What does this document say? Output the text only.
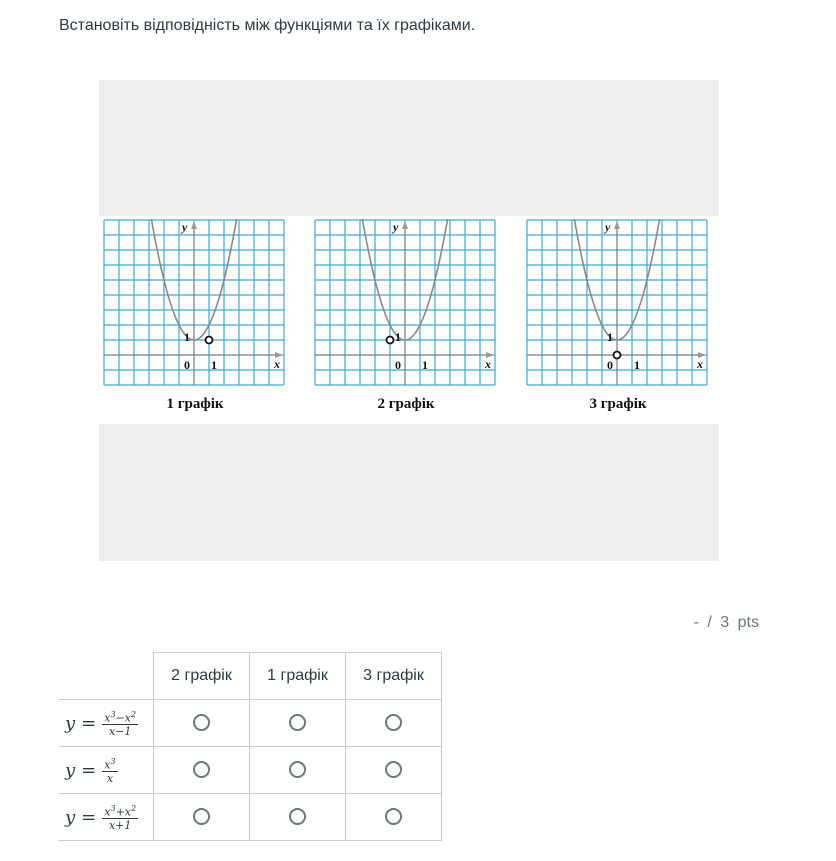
Встановіть відповідність між функціями та їх графіками.
y
x
0 1
1
1 графік
y
x
0 1
1
2 графік
y
x
0 1
1
3 графік
- / 3 pts
	2 графік	1 графік	3 графік

$y = \frac{x^3-x^2}{x-1}$

$y = \frac{x^3}{x}$

$y = \frac{x^3+x^2}{x+1}$
